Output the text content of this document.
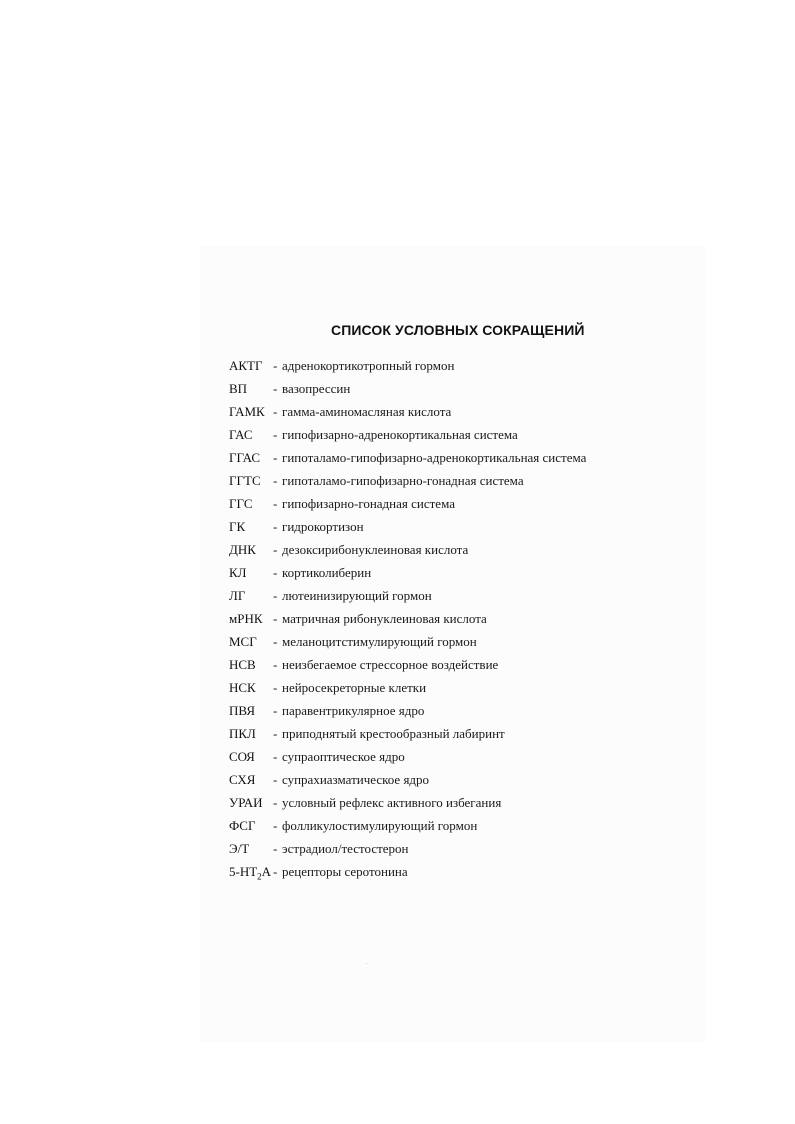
СПИСОК УСЛОВНЫХ СОКРАЩЕНИЙ
АКТГ - адренокортикотропный гормон
ВП	- вазопрессин
ГАМК - гамма-аминомасляная кислота
ГАС	- гипофизарно-адренокортикальная система
ГГАС - гипоталамо-гипофизарно-адренокортикальная система
ГГТС - гипоталамо-гипофизарно-гонадная система
ГГС	- гипофизарно-гонадная система
ГК	- гидрокортизон
ДНК	- дезоксирибонуклеиновая кислота
КЛ	- кортиколиберин
ЛГ	- лютеинизирующий гормон
мРНК - матричная рибонуклеиновая кислота
МСГ	- меланоцитстимулирующий гормон
НСВ	- неизбегаемое стрессорное воздействие
НСК	- нейросекреторные клетки
ПВЯ	- паравентрикулярное ядро
ПКЛ	- приподнятый крестообразный лабиринт
СОЯ	- супраоптическое ядро
СХЯ	- супрахиазматическое ядро
УРАИ - условный рефлекс активного избегания
ФСГ	- фолликулостимулирующий гормон
Э/Т	- эстрадиол/тестостерон
$5-HT_2A$ - рецепторы серотонина
